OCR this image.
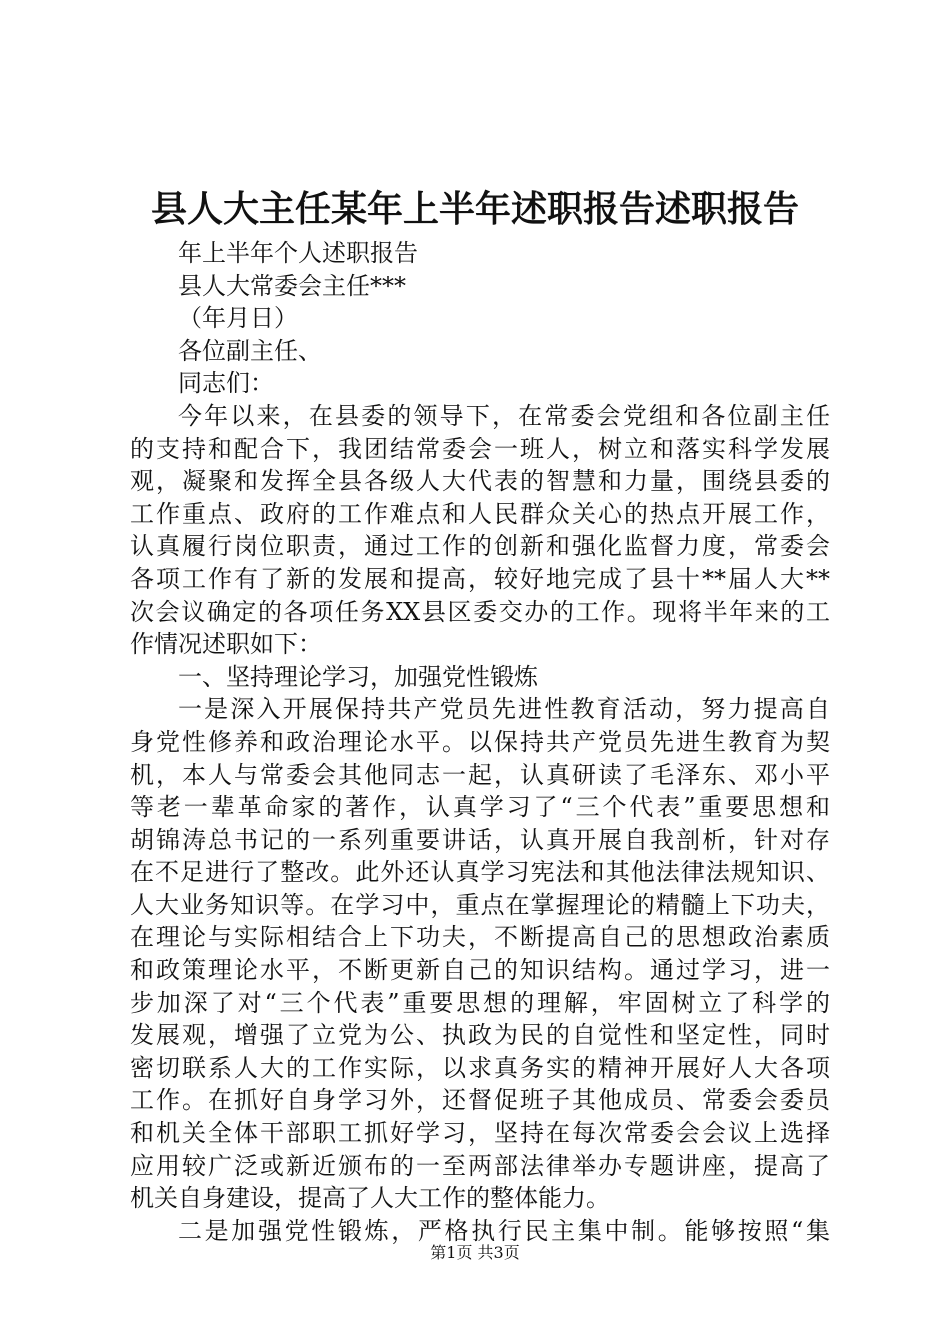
县人大主任某年上半年述职报告述职报告
年上半年个人述职报告
县人大常委会主任***
（年月日）
各位副主任、
同志们：
今年以来，在县委的领导下，在常委会党组和各位副主任
的支持和配合下，我团结常委会一班人，树立和落实科学发展
观，凝聚和发挥全县各级人大代表的智慧和力量，围绕县委的
工作重点、政府的工作难点和人民群众关心的热点开展工作，
认真履行岗位职责，通过工作的创新和强化监督力度，常委会
各项工作有了新的发展和提高，较好地完成了县十**届人大**
次会议确定的各项任务XX县区委交办的工作。现将半年来的工
作情况述职如下：
一、坚持理论学习，加强党性锻炼
一是深入开展保持共产党员先进性教育活动，努力提高自
身党性修养和政治理论水平。以保持共产党员先进生教育为契
机，本人与常委会其他同志一起，认真研读了毛泽东、邓小平
等老一辈革命家的著作，认真学习了“三个代表”重要思想和
胡锦涛总书记的一系列重要讲话，认真开展自我剖析，针对存
在不足进行了整改。此外还认真学习宪法和其他法律法规知识、
人大业务知识等。在学习中，重点在掌握理论的精髓上下功夫，
在理论与实际相结合上下功夫，不断提高自己的思想政治素质
和政策理论水平，不断更新自己的知识结构。通过学习，进一
步加深了对“三个代表”重要思想的理解，牢固树立了科学的
发展观，增强了立党为公、执政为民的自觉性和坚定性，同时
密切联系人大的工作实际，以求真务实的精神开展好人大各项
工作。在抓好自身学习外，还督促班子其他成员、常委会委员
和机关全体干部职工抓好学习，坚持在每次常委会会议上选择
应用较广泛或新近颁布的一至两部法律举办专题讲座，提高了
机关自身建设，提高了人大工作的整体能力。
二是加强党性锻炼，严格执行民主集中制。能够按照“集
第1页 共3页
